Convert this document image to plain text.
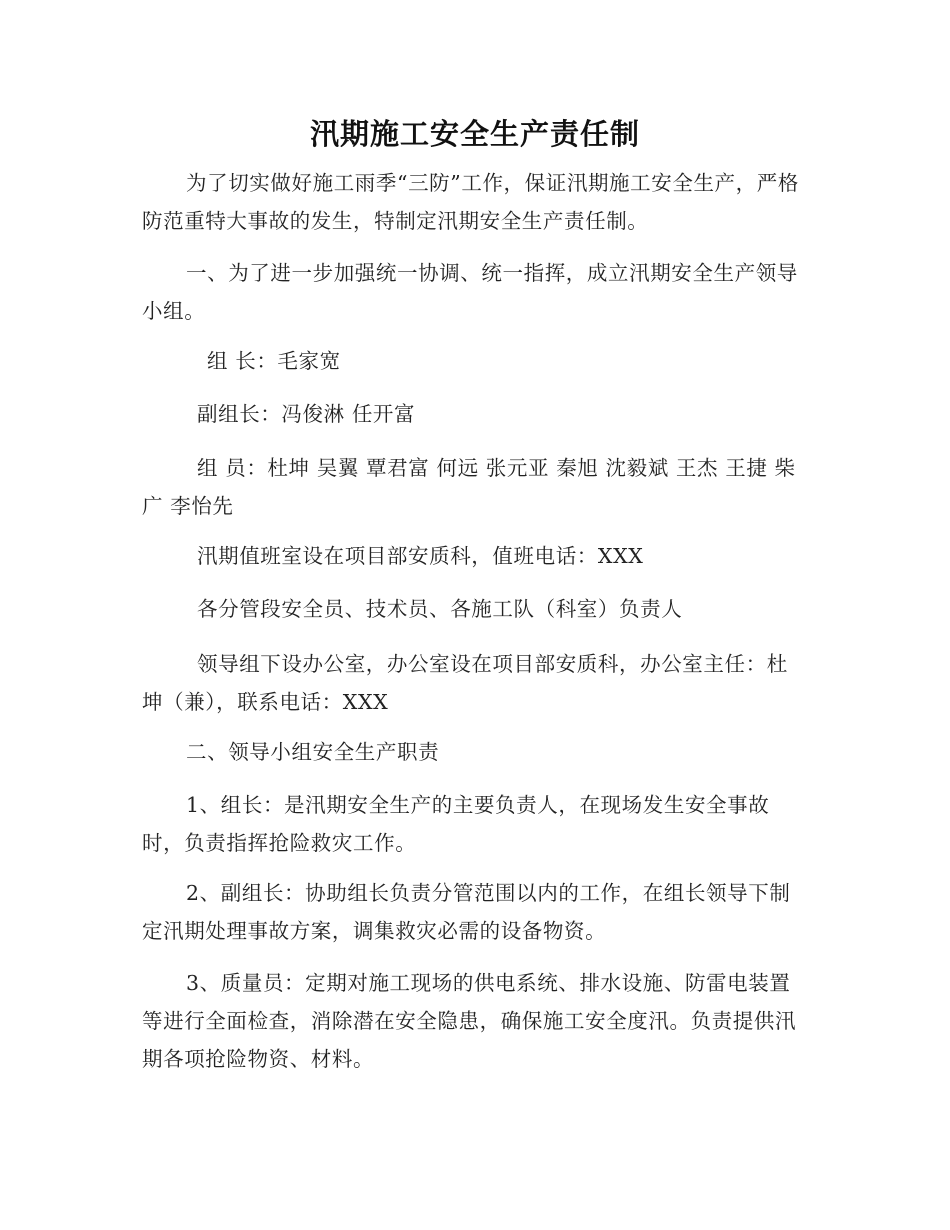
汛期施工安全生产责任制

为了切实做好施工雨季“三防”工作，保证汛期施工安全生产，严格防范重特大事故的发生，特制定汛期安全生产责任制。

一、为了进一步加强统一协调、统一指挥，成立汛期安全生产领导小组。

组 长：毛家宽

副组长：冯俊淋 任开富

组 员：杜坤 吴翼 覃君富 何远 张元亚 秦旭 沈毅斌 王杰 王捷 柴广 李怡先

汛期值班室设在项目部安质科，值班电话：XXX

各分管段安全员、技术员、各施工队（科室）负责人

领导组下设办公室，办公室设在项目部安质科，办公室主任：杜坤（兼），联系电话：XXX

二、领导小组安全生产职责

1、组长：是汛期安全生产的主要负责人，在现场发生安全事故时，负责指挥抢险救灾工作。

2、副组长：协助组长负责分管范围以内的工作，在组长领导下制定汛期处理事故方案，调集救灾必需的设备物资。

3、质量员：定期对施工现场的供电系统、排水设施、防雷电装置等进行全面检查，消除潜在安全隐患，确保施工安全度汛。负责提供汛期各项抢险物资、材料。
